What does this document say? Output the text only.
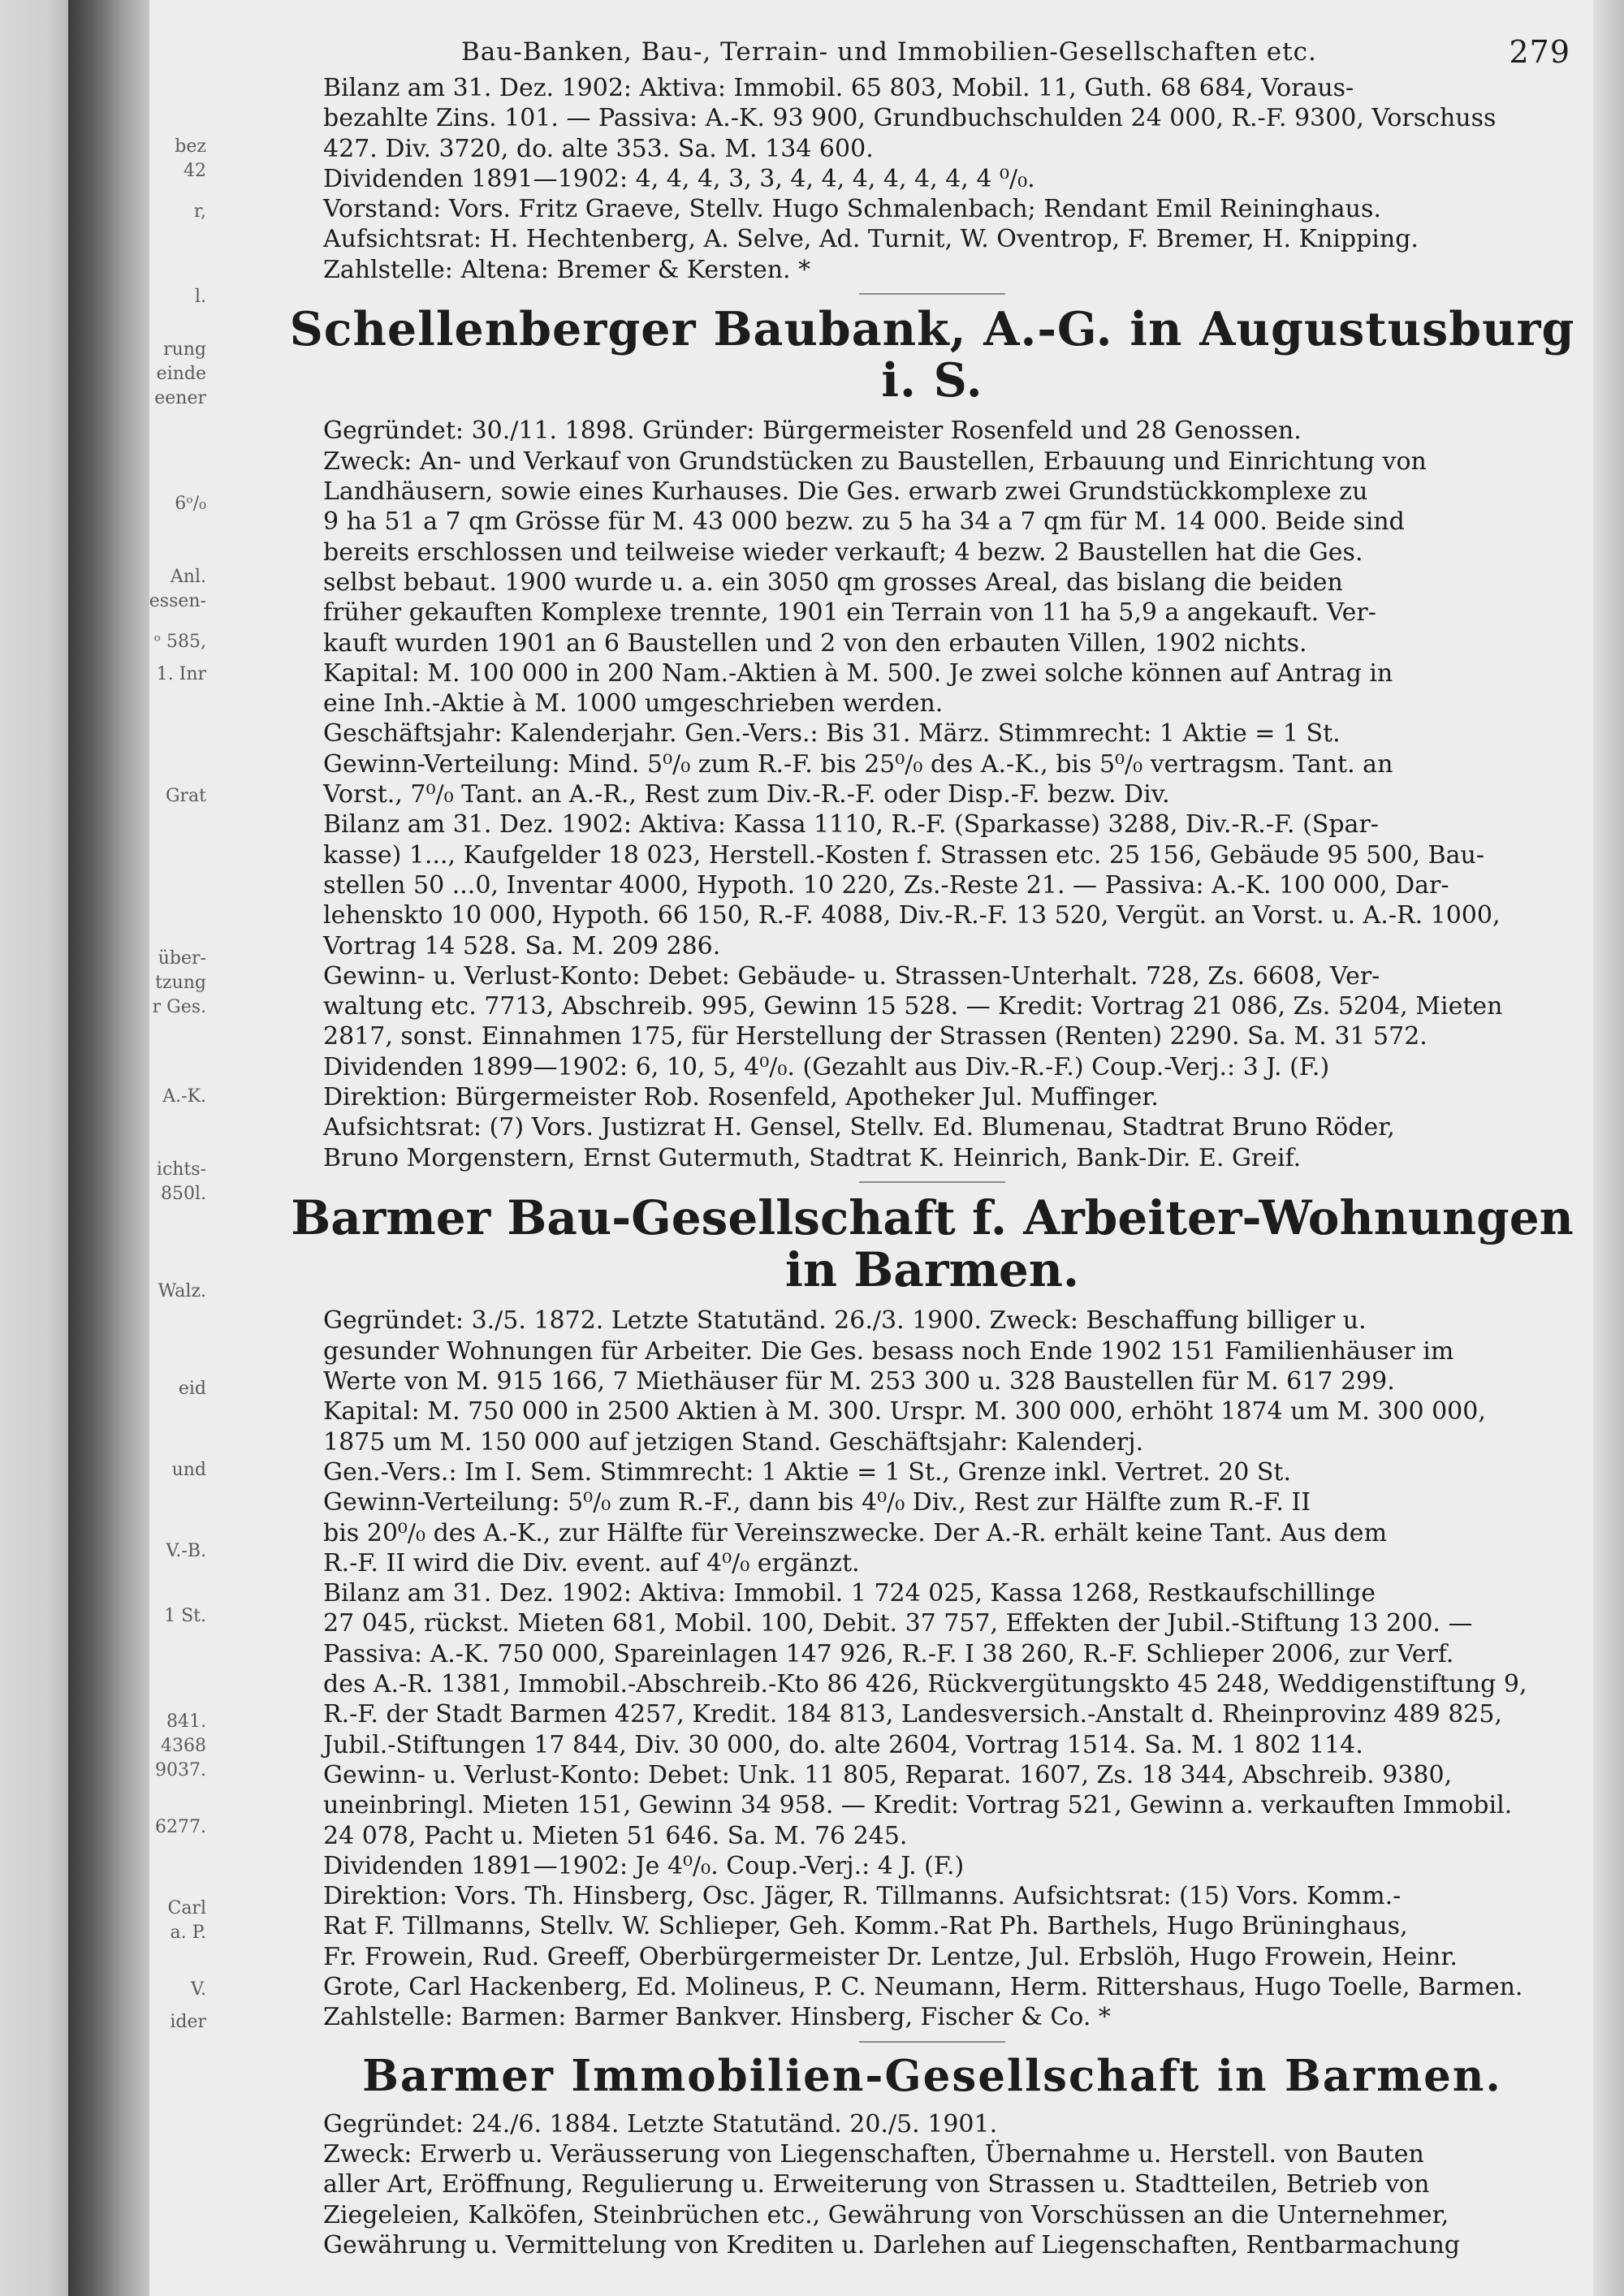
bez
42
r,
l.
rung
einde
eener
6ᵒ/₀
Anl.
essen-
ᵒ 585,
1. Inr
Grat
über-
tzung
r Ges.
A.-K.
ichts-
850l.
Walz.
eid
und
V.-B.
1 St.
841.
4368
9037.
6277.
Carl
a. P.
V.
ider
Bau-Banken, Bau-, Terrain- und Immobilien-Gesellschaften etc.	279
Bilanz am 31. Dez. 1902: Aktiva: Immobil. 65 803, Mobil. 11, Guth. 68 684, Voraus-
bezahlte Zins. 101. — Passiva: A.-K. 93 900, Grundbuchschulden 24 000, R.-F. 9300, Vorschuss
427. Div. 3720, do. alte 353. Sa. M. 134 600.
Dividenden 1891—1902: 4, 4, 4, 3, 3, 4, 4, 4, 4, 4, 4, 4 ⁰/₀.
Vorstand: Vors. Fritz Graeve, Stellv. Hugo Schmalenbach; Rendant Emil Reininghaus.
Aufsichtsrat: H. Hechtenberg, A. Selve, Ad. Turnit, W. Oventrop, F. Bremer, H. Knipping.
Zahlstelle: Altena: Bremer & Kersten. *
Schellenberger Baubank, A.-G. in Augustusburg i. S.
Gegründet: 30./11. 1898. Gründer: Bürgermeister Rosenfeld und 28 Genossen.
Zweck: An- und Verkauf von Grundstücken zu Baustellen, Erbauung und Einrichtung von
Landhäusern, sowie eines Kurhauses. Die Ges. erwarb zwei Grundstückkomplexe zu
9 ha 51 a 7 qm Grösse für M. 43 000 bezw. zu 5 ha 34 a 7 qm für M. 14 000. Beide sind
bereits erschlossen und teilweise wieder verkauft; 4 bezw. 2 Baustellen hat die Ges.
selbst bebaut. 1900 wurde u. a. ein 3050 qm grosses Areal, das bislang die beiden
früher gekauften Komplexe trennte, 1901 ein Terrain von 11 ha 5,9 a angekauft. Ver-
kauft wurden 1901 an 6 Baustellen und 2 von den erbauten Villen, 1902 nichts.
Kapital: M. 100 000 in 200 Nam.-Aktien à M. 500. Je zwei solche können auf Antrag in
eine Inh.-Aktie à M. 1000 umgeschrieben werden.
Geschäftsjahr: Kalenderjahr. Gen.-Vers.: Bis 31. März. Stimmrecht: 1 Aktie = 1 St.
Gewinn-Verteilung: Mind. 5⁰/₀ zum R.-F. bis 25⁰/₀ des A.-K., bis 5⁰/₀ vertragsm. Tant. an
Vorst., 7⁰/₀ Tant. an A.-R., Rest zum Div.-R.-F. oder Disp.-F. bezw. Div.
Bilanz am 31. Dez. 1902: Aktiva: Kassa 1110, R.-F. (Sparkasse) 3288, Div.-R.-F. (Spar-
kasse) 1..., Kaufgelder 18 023, Herstell.-Kosten f. Strassen etc. 25 156, Gebäude 95 500, Bau-
stellen 50 ...0, Inventar 4000, Hypoth. 10 220, Zs.-Reste 21. — Passiva: A.-K. 100 000, Dar-
lehenskto 10 000, Hypoth. 66 150, R.-F. 4088, Div.-R.-F. 13 520, Vergüt. an Vorst. u. A.-R. 1000,
Vortrag 14 528. Sa. M. 209 286.
Gewinn- u. Verlust-Konto: Debet: Gebäude- u. Strassen-Unterhalt. 728, Zs. 6608, Ver-
waltung etc. 7713, Abschreib. 995, Gewinn 15 528. — Kredit: Vortrag 21 086, Zs. 5204, Mieten
2817, sonst. Einnahmen 175, für Herstellung der Strassen (Renten) 2290. Sa. M. 31 572.
Dividenden 1899—1902: 6, 10, 5, 4⁰/₀. (Gezahlt aus Div.-R.-F.) Coup.-Verj.: 3 J. (F.)
Direktion: Bürgermeister Rob. Rosenfeld, Apotheker Jul. Muffinger.
Aufsichtsrat: (7) Vors. Justizrat H. Gensel, Stellv. Ed. Blumenau, Stadtrat Bruno Röder,
Bruno Morgenstern, Ernst Gutermuth, Stadtrat K. Heinrich, Bank-Dir. E. Greif.
Barmer Bau-Gesellschaft f. Arbeiter-Wohnungen in Barmen.
Gegründet: 3./5. 1872. Letzte Statutänd. 26./3. 1900. Zweck: Beschaffung billiger u.
gesunder Wohnungen für Arbeiter. Die Ges. besass noch Ende 1902 151 Familienhäuser im
Werte von M. 915 166, 7 Miethäuser für M. 253 300 u. 328 Baustellen für M. 617 299.
Kapital: M. 750 000 in 2500 Aktien à M. 300. Urspr. M. 300 000, erhöht 1874 um M. 300 000,
1875 um M. 150 000 auf jetzigen Stand. Geschäftsjahr: Kalenderj.
Gen.-Vers.: Im I. Sem. Stimmrecht: 1 Aktie = 1 St., Grenze inkl. Vertret. 20 St.
Gewinn-Verteilung: 5⁰/₀ zum R.-F., dann bis 4⁰/₀ Div., Rest zur Hälfte zum R.-F. II
bis 20⁰/₀ des A.-K., zur Hälfte für Vereinszwecke. Der A.-R. erhält keine Tant. Aus dem
R.-F. II wird die Div. event. auf 4⁰/₀ ergänzt.
Bilanz am 31. Dez. 1902: Aktiva: Immobil. 1 724 025, Kassa 1268, Restkaufschillinge
27 045, rückst. Mieten 681, Mobil. 100, Debit. 37 757, Effekten der Jubil.-Stiftung 13 200. —
Passiva: A.-K. 750 000, Spareinlagen 147 926, R.-F. I 38 260, R.-F. Schlieper 2006, zur Verf.
des A.-R. 1381, Immobil.-Abschreib.-Kto 86 426, Rückvergütungskto 45 248, Weddigenstiftung 9,
R.-F. der Stadt Barmen 4257, Kredit. 184 813, Landesversich.-Anstalt d. Rheinprovinz 489 825,
Jubil.-Stiftungen 17 844, Div. 30 000, do. alte 2604, Vortrag 1514. Sa. M. 1 802 114.
Gewinn- u. Verlust-Konto: Debet: Unk. 11 805, Reparat. 1607, Zs. 18 344, Abschreib. 9380,
uneinbringl. Mieten 151, Gewinn 34 958. — Kredit: Vortrag 521, Gewinn a. verkauften Immobil.
24 078, Pacht u. Mieten 51 646. Sa. M. 76 245.
Dividenden 1891—1902: Je 4⁰/₀. Coup.-Verj.: 4 J. (F.)
Direktion: Vors. Th. Hinsberg, Osc. Jäger, R. Tillmanns. Aufsichtsrat: (15) Vors. Komm.-
Rat F. Tillmanns, Stellv. W. Schlieper, Geh. Komm.-Rat Ph. Barthels, Hugo Brüninghaus,
Fr. Frowein, Rud. Greeff, Oberbürgermeister Dr. Lentze, Jul. Erbslöh, Hugo Frowein, Heinr.
Grote, Carl Hackenberg, Ed. Molineus, P. C. Neumann, Herm. Rittershaus, Hugo Toelle, Barmen.
Zahlstelle: Barmen: Barmer Bankver. Hinsberg, Fischer & Co. *
Barmer Immobilien-Gesellschaft in Barmen.
Gegründet: 24./6. 1884. Letzte Statutänd. 20./5. 1901.
Zweck: Erwerb u. Veräusserung von Liegenschaften, Übernahme u. Herstell. von Bauten
aller Art, Eröffnung, Regulierung u. Erweiterung von Strassen u. Stadtteilen, Betrieb von
Ziegeleien, Kalköfen, Steinbrüchen etc., Gewährung von Vorschüssen an die Unternehmer,
Gewährung u. Vermittelung von Krediten u. Darlehen auf Liegenschaften, Rentbarmachung
